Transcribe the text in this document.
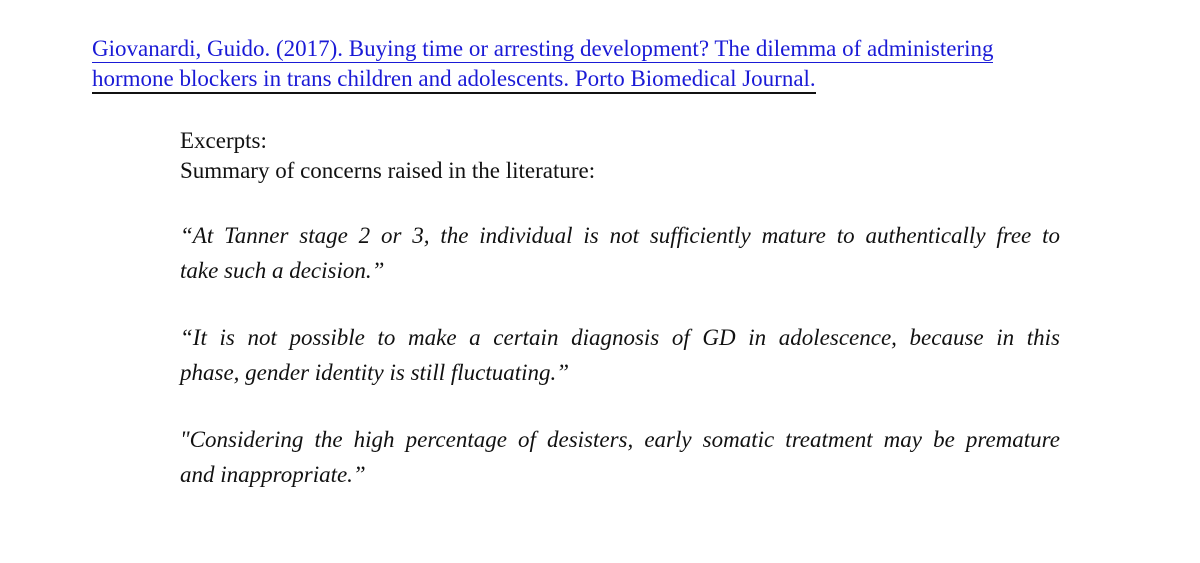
Giovanardi, Guido. (2017). Buying time or arresting development? The dilemma of administering
hormone blockers in trans children and adolescents. Porto Biomedical Journal.

Excerpts:

Summary of concerns raised in the literature:

“At Tanner stage 2 or 3, the individual is not sufficiently mature to authentically free to
take such a decision.”
“It is not possible to make a certain diagnosis of GD in adolescence, because in this
phase, gender identity is still fluctuating.”
"Considering the high percentage of desisters, early somatic treatment may be premature
and inappropriate.”
